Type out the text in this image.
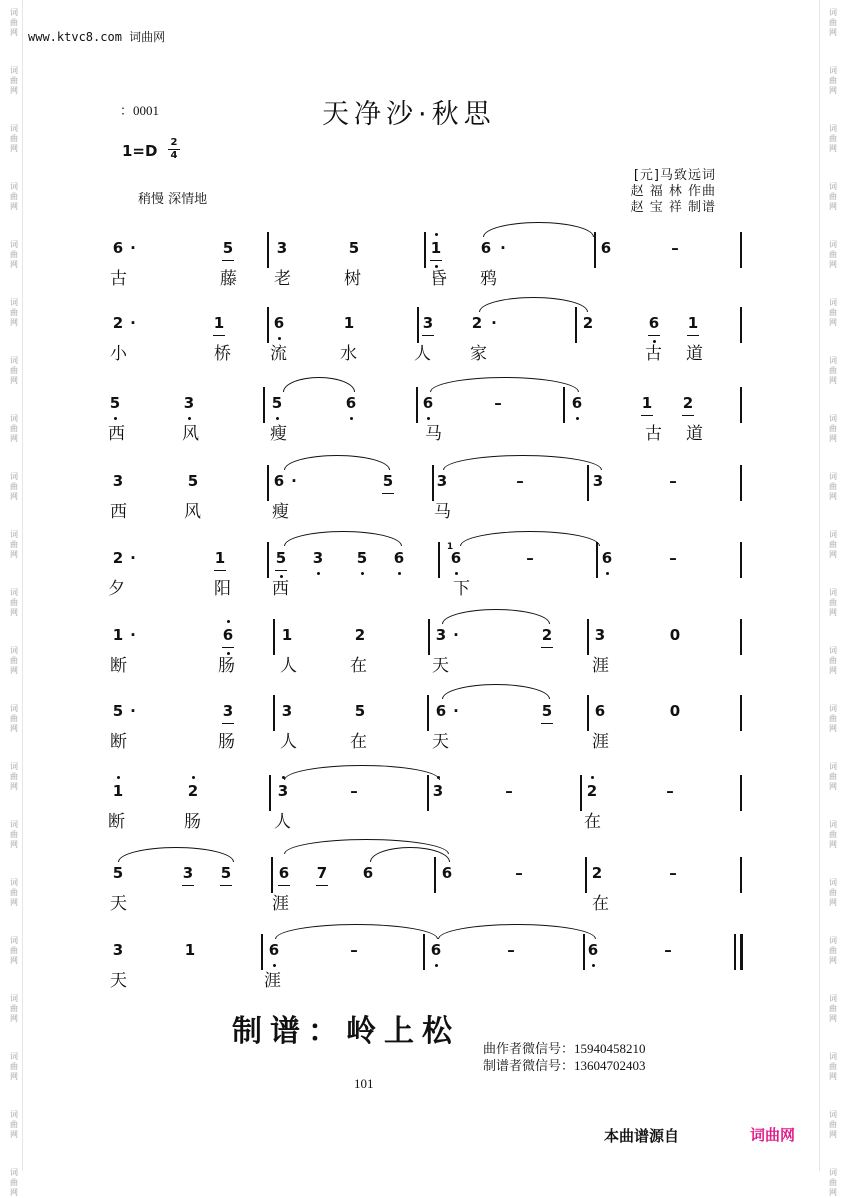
www.ktvc8.com 词曲网
：0001	天净沙·秋思
1=D 2
4
稍慢 深情地
[元]马致远词
赵 福 林 作曲
赵 宝 祥 制谱
6 ·	5	3	5	1	6 ·	6	–
古	藤 老	树	昏 鸦
2 ·	1	6	1	3	2 ·	2	6 1
小	桥 流	水	人 家	古 道
5	3	5	6	6	–	6	1 2
西	风	瘦	马	古 道
3	5	6 ·	5	3	–	3	–
西	风	瘦	马
2 ·	1	5 3 5 6	6	–	6	–
1
夕	阳 西	下
1 ·	6	1	2	3 ·	2	3	0
断	肠	人	在	天	涯
5 ·	3	3	5	6 ·	5	6	0
断	肠	人	在	天	涯
1	2	3	–	3	–	2	–
断	肠	人	在
5	3 5	6 7 6	6	–	2	–
天	涯	在
3	1	6	–	6	–	6	–
天	涯
制谱：岭上松 曲作者微信号：15940458210
制谱者微信号：13604702403
101
本曲谱源自	词曲网
词
曲
网
词
曲
网
词
曲
网
词
曲
网
词
曲
网
词
曲
网
词
曲
网
词
曲
网
词
曲
网
词
曲
网
词
曲
网
词
曲
网
词
曲
网
词
曲
网
词
曲
网
词
曲
网
词
曲
网
词
曲
网
词
曲
网
词
曲
网
词
曲
网
词
曲
网
词
曲
网
词
曲
网
词
曲
网
词
曲
网
词
曲
网
词
曲
网
词
曲
网
词
曲
网
词
曲
网
词
曲
网
词
曲
网
词
曲
网
词
曲
网
词
曲
网
词
曲
网
词
曲
网
词
曲
网
词
曲
网
词
曲
网
词
曲
网
